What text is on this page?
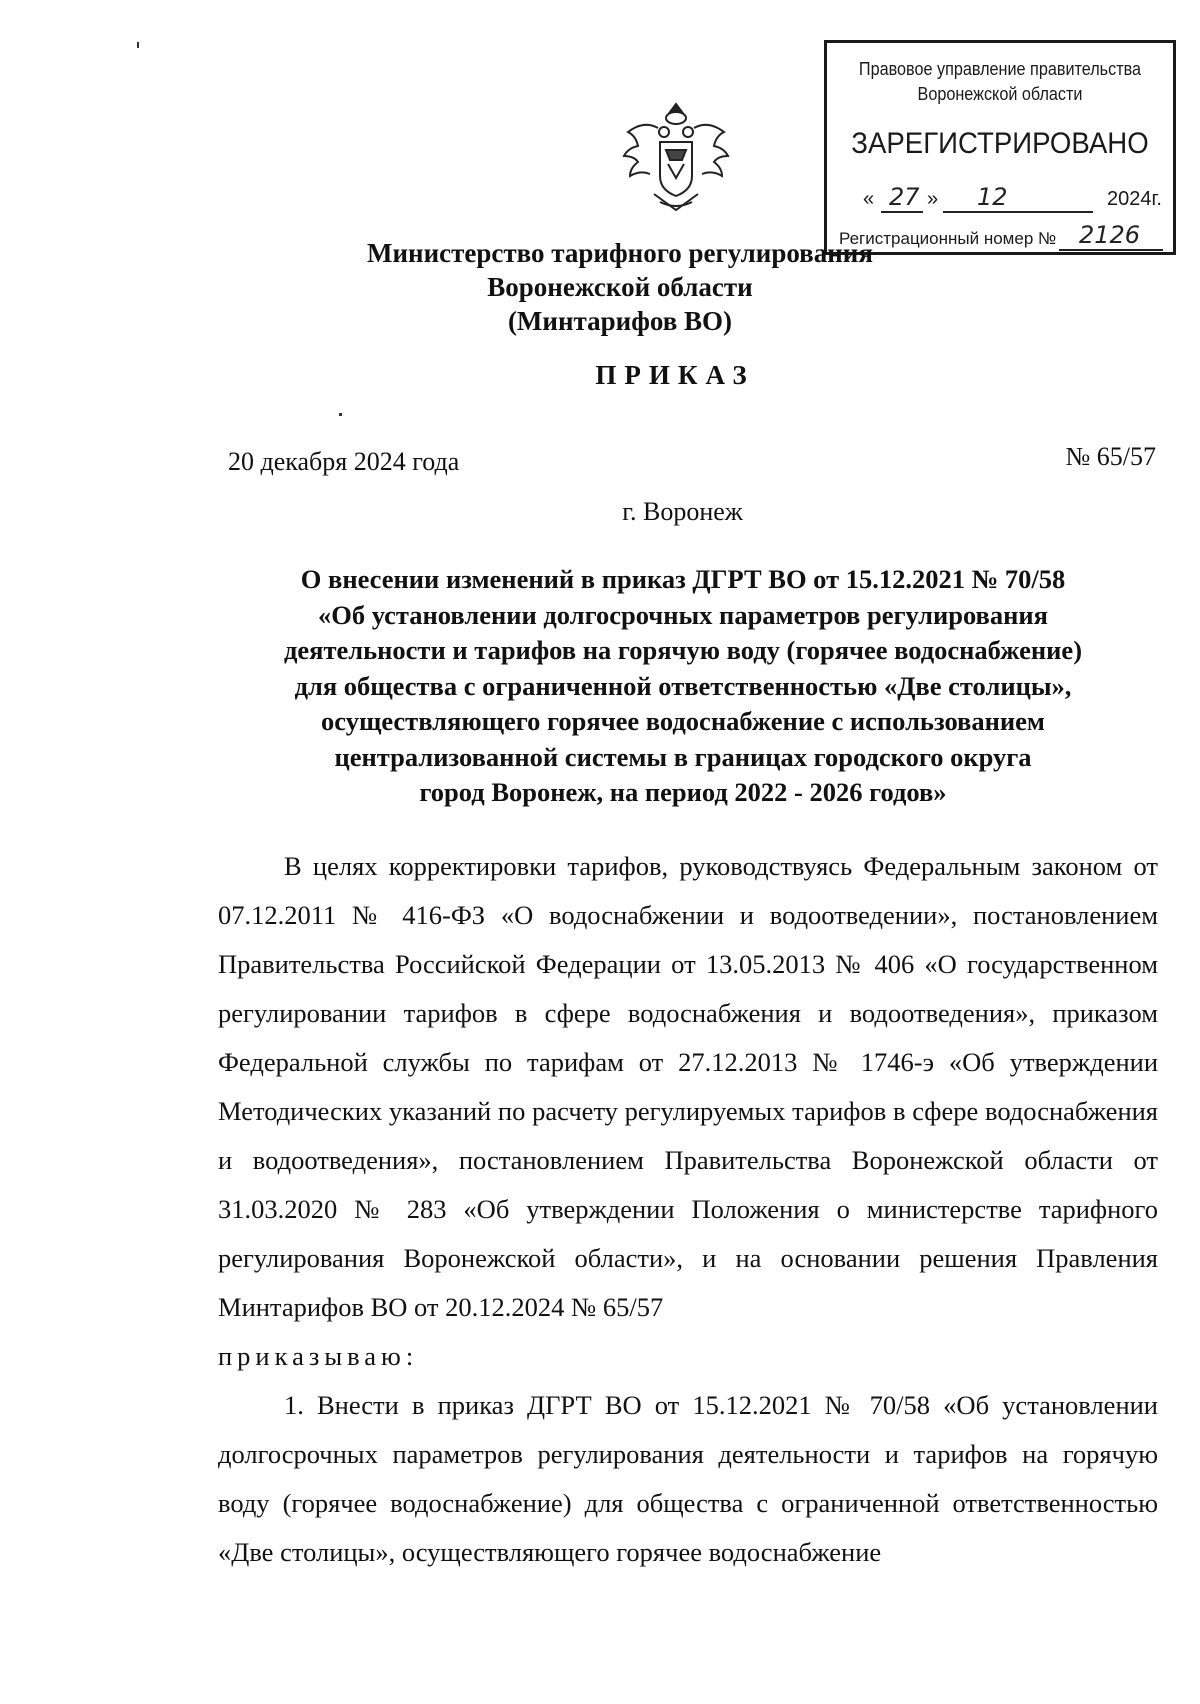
Правовое управление правительства
Воронежской области
ЗАРЕГИСТРИРОВАНО
« 27 » 12	2024г.
Регистрационный номер № 2126
Министерство тарифного регулирования
Воронежской области
(Минтарифов ВО)
ПРИКАЗ
20 декабря 2024 года	№ 65/57
г. Воронеж
О внесении изменений в приказ ДГРТ ВО от 15.12.2021 № 70/58
«Об установлении долгосрочных параметров регулирования
деятельности и тарифов на горячую воду (горячее водоснабжение)
для общества с ограниченной ответственностью «Две столицы»,
осуществляющего горячее водоснабжение с использованием
централизованной системы в границах городского округа
город Воронеж, на период 2022 - 2026 годов»

В целях корректировки тарифов, руководствуясь Федеральным законом от 07.12.2011 № 416-ФЗ «О водоснабжении и водоотведении», постановлением Правительства Российской Федерации от 13.05.2013 № 406 «О государственном регулировании тарифов в сфере водоснабжения и водоотведения», приказом Федеральной службы по тарифам от 27.12.2013 № 1746-э «Об утверждении Методических указаний по расчету регулируемых тарифов в сфере водоснабжения и водоотведения», постановлением Правительства Воронежской области от 31.03.2020 № 283 «Об утверждении Положения о министерстве тарифного регулирования Воронежской области», и на основании решения Правления Минтарифов ВО от 20.12.2024 № 65/57

приказываю:

1. Внести в приказ ДГРТ ВО от 15.12.2021 № 70/58 «Об установлении долгосрочных параметров регулирования деятельности и тарифов на горячую воду (горячее водоснабжение) для общества с ограниченной ответственностью «Две столицы», осуществляющего горячее водоснабжение
